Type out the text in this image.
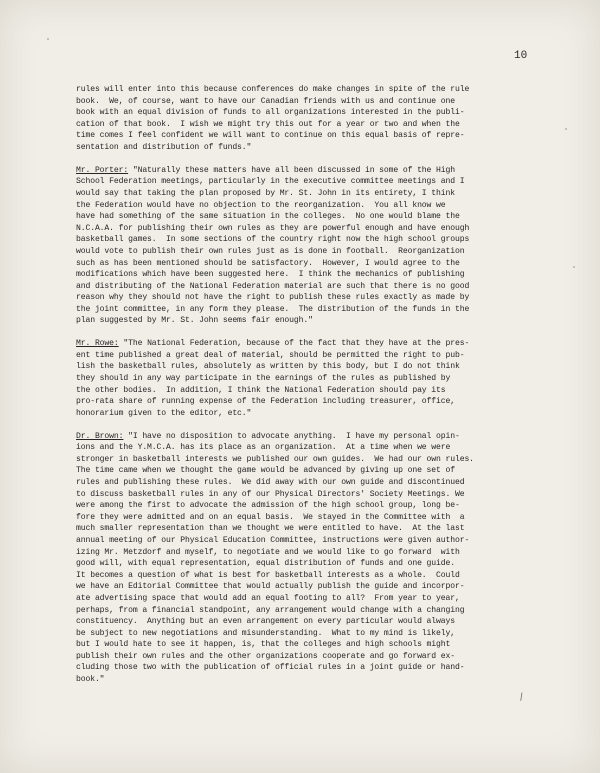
10
rules will enter into this because conferences do make changes in spite of the rule
book.  We, of course, want to have our Canadian friends with us and continue one
book with an equal division of funds to all organizations interested in the publi-
cation of that book.  I wish we might try this out for a year or two and when the
time comes I feel confident we will want to continue on this equal basis of repre-
sentation and distribution of funds."
Mr. Porter: "Naturally these matters have all been discussed in some of the High
School Federation meetings, particularly in the executive committee meetings and I
would say that taking the plan proposed by Mr. St. John in its entirety, I think
the Federation would have no objection to the reorganization.  You all know we
have had something of the same situation in the colleges.  No one would blame the
N.C.A.A. for publishing their own rules as they are powerful enough and have enough
basketball games.  In some sections of the country right now the high school groups
would vote to publish their own rules just as is done in football.  Reorganization
such as has been mentioned should be satisfactory.  However, I would agree to the
modifications which have been suggested here.  I think the mechanics of publishing
and distributing of the National Federation material are such that there is no good
reason why they should not have the right to publish these rules exactly as made by
the joint committee, in any form they please.  The distribution of the funds in the
plan suggested by Mr. St. John seems fair enough."
Mr. Rowe: "The National Federation, because of the fact that they have at the pres-
ent time published a great deal of material, should be permitted the right to pub-
lish the basketball rules, absolutely as written by this body, but I do not think
they should in any way participate in the earnings of the rules as published by
the other bodies.  In addition, I think the National Federation should pay its
pro-rata share of running expense of the Federation including treasurer, office,
honorarium given to the editor, etc."
Dr. Brown: "I have no disposition to advocate anything.  I have my personal opin-
ions and the Y.M.C.A. has its place as an organization.  At a time when we were
stronger in basketball interests we published our own guides.  We had our own rules.
The time came when we thought the game would be advanced by giving up one set of
rules and publishing these rules.  We did away with our own guide and discontinued
to discuss basketball rules in any of our Physical Directors' Society Meetings. We
were among the first to advocate the admission of the high school group, long be-
fore they were admitted and on an equal basis.  We stayed in the Committee with  a
much smaller representation than we thought we were entitled to have.  At the last
annual meeting of our Physical Education Committee, instructions were given author-
izing Mr. Metzdorf and myself, to negotiate and we would like to go forward  with
good will, with equal representation, equal distribution of funds and one guide.
It becomes a question of what is best for basketball interests as a whole.  Could
we have an Editorial Committee that would actually publish the guide and incorpor-
ate advertising space that would add an equal footing to all?  From year to year,
perhaps, from a financial standpoint, any arrangement would change with a changing
constituency.  Anything but an even arrangement on every particular would always
be subject to new negotiations and misunderstanding.  What to my mind is likely,
but I would hate to see it happen, is, that the colleges and high schools might
publish their own rules and the other organizations cooperate and go forward ex-
cluding those two with the publication of official rules in a joint guide or hand-
book."
/
